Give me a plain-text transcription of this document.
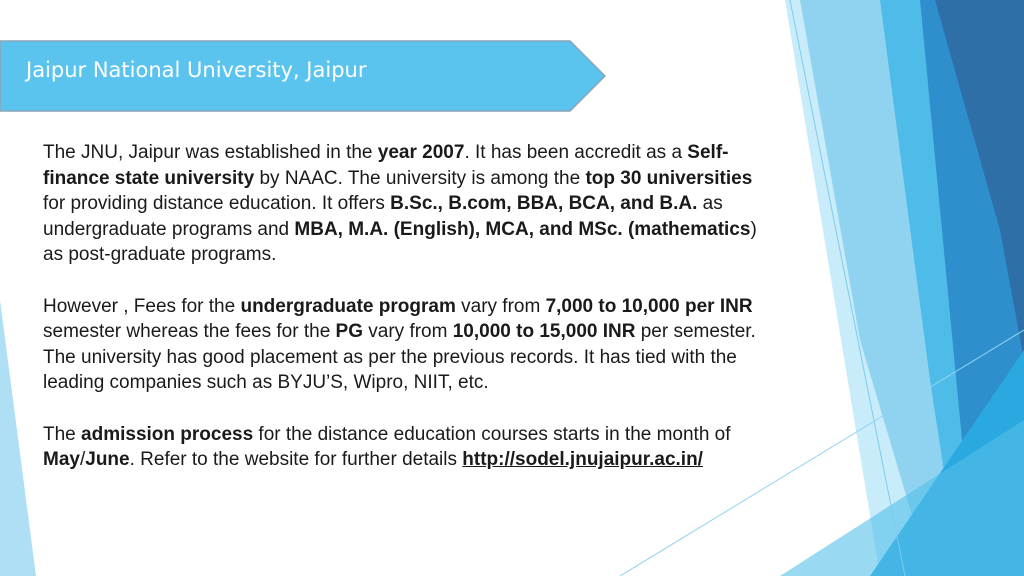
Jaipur National University, Jaipur

The JNU, Jaipur was established in the year 2007. It has been accredit as a Self-finance state university by NAAC. The university is among the top 30 universities for providing distance education. It offers B.Sc., B.com, BBA, BCA, and B.A. as undergraduate programs and MBA, M.A. (English), MCA, and MSc. (mathematics) as post-graduate programs.

However , Fees for the undergraduate program vary from 7,000 to 10,000 per INR semester whereas the fees for the PG vary from 10,000 to 15,000 INR per semester. The university has good placement as per the previous records. It has tied with the leading companies such as BYJU’S, Wipro, NIIT, etc.

The admission process for the distance education courses starts in the month of May/June. Refer to the website for further details http://sodel.jnujaipur.ac.in/
